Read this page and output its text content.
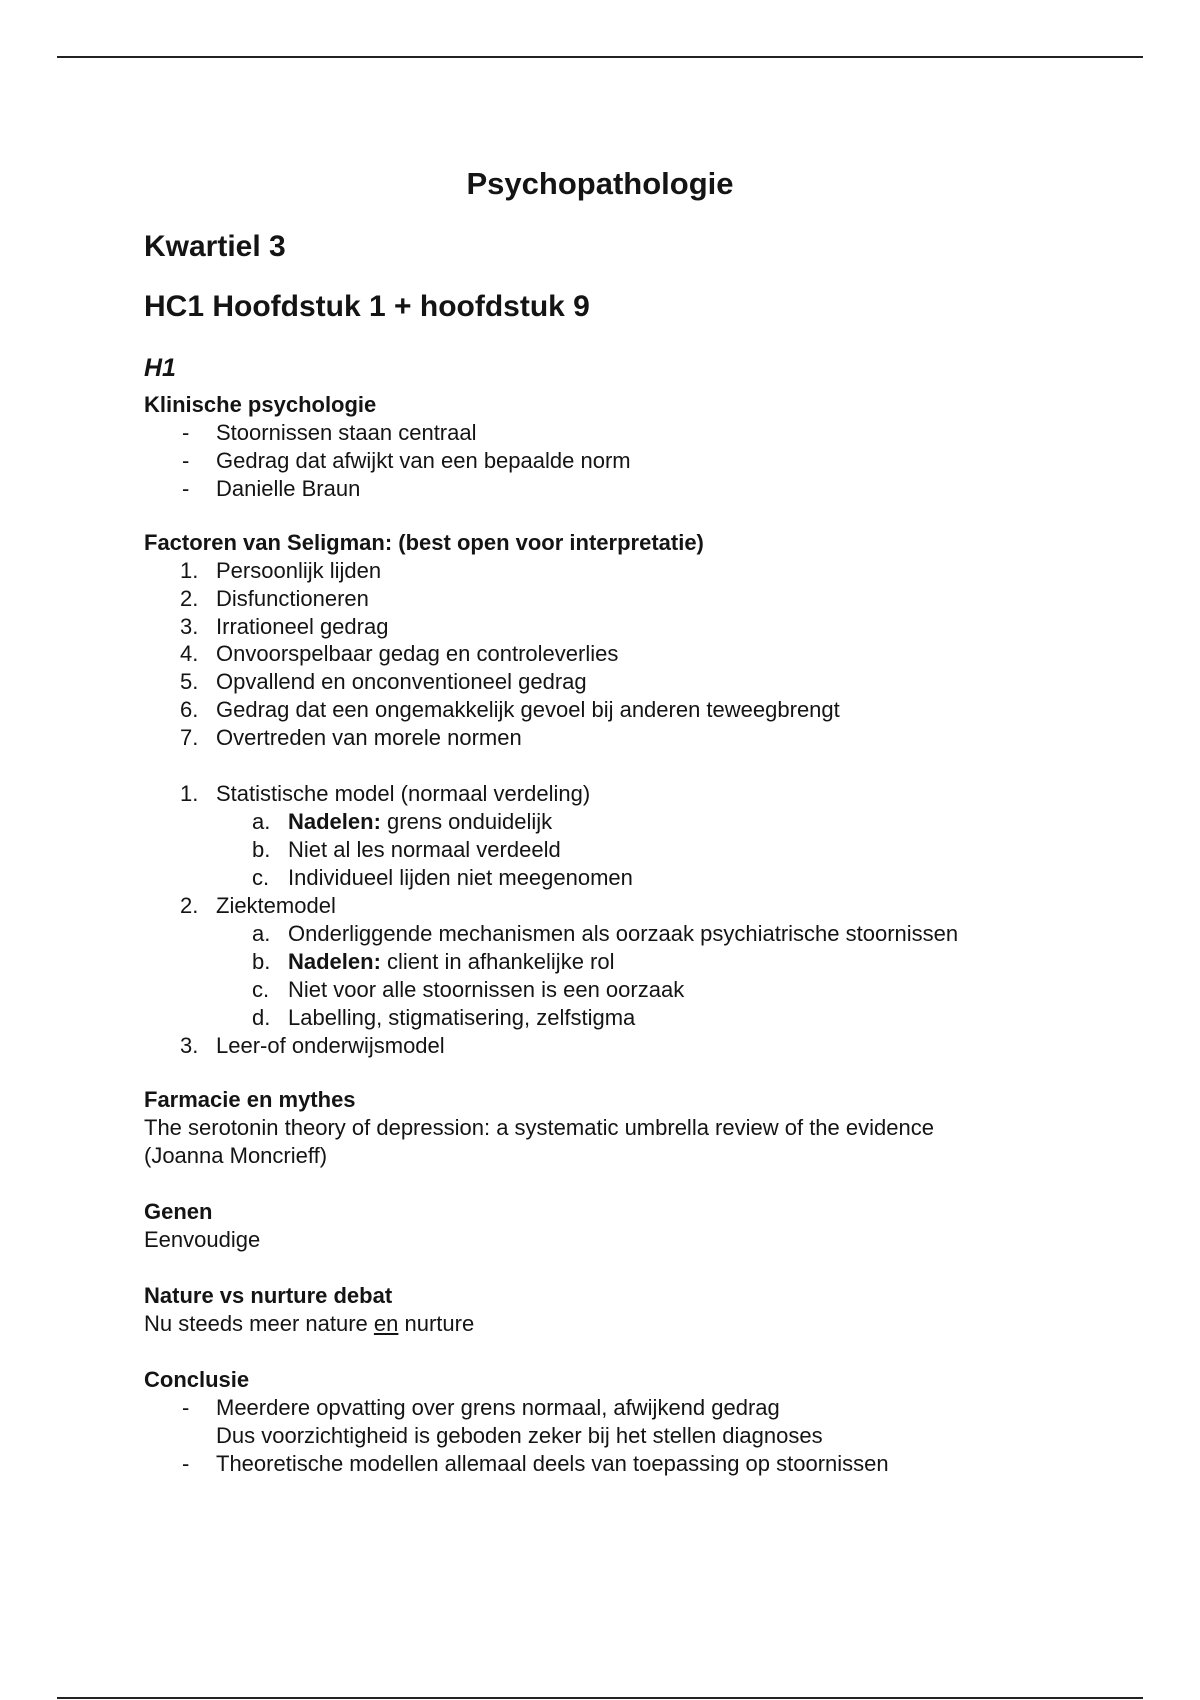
Psychopathologie
Kwartiel 3
HC1 Hoofdstuk 1 + hoofdstuk 9
H1
Klinische psychologie
- Stoornissen staan centraal
- Gedrag dat afwijkt van een bepaalde norm
- Danielle Braun
Factoren van Seligman: (best open voor interpretatie)
1. Persoonlijk lijden
2. Disfunctioneren
3. Irrationeel gedrag
4. Onvoorspelbaar gedag en controleverlies
5. Opvallend en onconventioneel gedrag
6. Gedrag dat een ongemakkelijk gevoel bij anderen teweegbrengt
7. Overtreden van morele normen
1. Statistische model (normaal verdeling)
a. Nadelen: grens onduidelijk
b. Niet al les normaal verdeeld
c. Individueel lijden niet meegenomen
2. Ziektemodel
a. Onderliggende mechanismen als oorzaak psychiatrische stoornissen
b. Nadelen: client in afhankelijke rol
c. Niet voor alle stoornissen is een oorzaak
d. Labelling, stigmatisering, zelfstigma
3. Leer-of onderwijsmodel
Farmacie en mythes
The serotonin theory of depression: a systematic umbrella review of the evidence
(Joanna Moncrieff)
Genen
Eenvoudige
Nature vs nurture debat
Nu steeds meer nature en nurture
Conclusie
- Meerdere opvatting over grens normaal, afwijkend gedrag
Dus voorzichtigheid is geboden zeker bij het stellen diagnoses
- Theoretische modellen allemaal deels van toepassing op stoornissen
